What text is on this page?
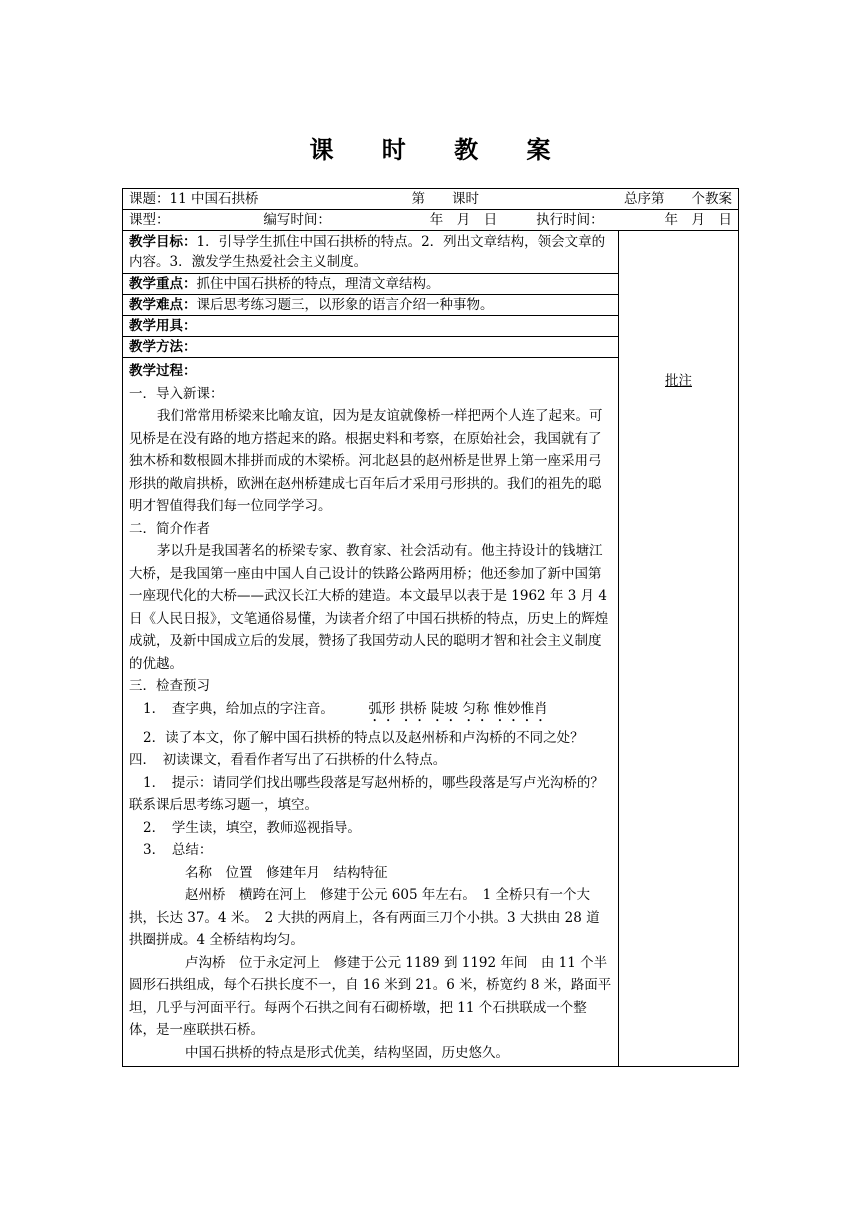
课 时 教 案
课题：11 中国石拱桥	第　　课时	总序第　　个教案

课型：	编写时间：	年　月　日	执行时间：	年　月　日

教学目标：1．引导学生抓住中国石拱桥的特点。2．列出文章结构，领会文章的内容。3．激发学生热爱社会主义制度。	
批注
教学重点：抓住中国石拱桥的特点，理清文章结构。
教学难点：课后思考练习题三，以形象的语言介绍一种事物。
教学用具：
教学方法：

教学过程：

一．导入新课：

我们常常用桥梁来比喻友谊，因为是友谊就像桥一样把两个人连了起来。可见桥是在没有路的地方搭起来的路。根据史料和考察，在原始社会，我国就有了独木桥和数根圆木排拼而成的木梁桥。河北赵县的赵州桥是世界上第一座采用弓形拱的敞肩拱桥，欧洲在赵州桥建成七百年后才采用弓形拱的。我们的祖先的聪明才智值得我们每一位同学学习。

二．简介作者

茅以升是我国著名的桥梁专家、教育家、社会活动有。他主持设计的钱塘江大桥，是我国第一座由中国人自己设计的铁路公路两用桥；他还参加了新中国第一座现代化的大桥——武汉长江大桥的建造。本文最早以表于是 1962 年 3 月 4 日《人民日报》，文笔通俗易懂，为读者介绍了中国石拱桥的特点，历史上的辉煌成就，及新中国成立后的发展，赞扬了我国劳动人民的聪明才智和社会主义制度的优越。

三．检查预习

1．　查字典，给加点的字注音。	弧形 拱桥 陡坡 匀称 惟妙惟肖

2．读了本文，你了解中国石拱桥的特点以及赵州桥和卢沟桥的不同之处？

四．　初读课文，看看作者写出了石拱桥的什么特点。

1．　提示：请同学们找出哪些段落是写赵州桥的，哪些段落是写卢光沟桥的？联系课后思考练习题一，填空。

2．　学生读，填空，教师巡视指导。

3．　总结：

名称　位置　修建年月　结构特征

赵州桥　横跨在河上　修建于公元 605 年左右。　1 全桥只有一个大拱，长达 37。4 米。　2 大拱的两肩上，各有两面三刀个小拱。3 大拱由 28 道拱圈拼成。4 全桥结构均匀。

卢沟桥　位于永定河上　修建于公元 1189 到 1192 年间　由 11 个半圆形石拱组成，每个石拱长度不一，自 16 米到 21。6 米，桥宽约 8 米，路面平坦，几乎与河面平行。每两个石拱之间有石砌桥墩，把 11 个石拱联成一个整体，是一座联拱石桥。

中国石拱桥的特点是形式优美，结构坚固，历史悠久。
